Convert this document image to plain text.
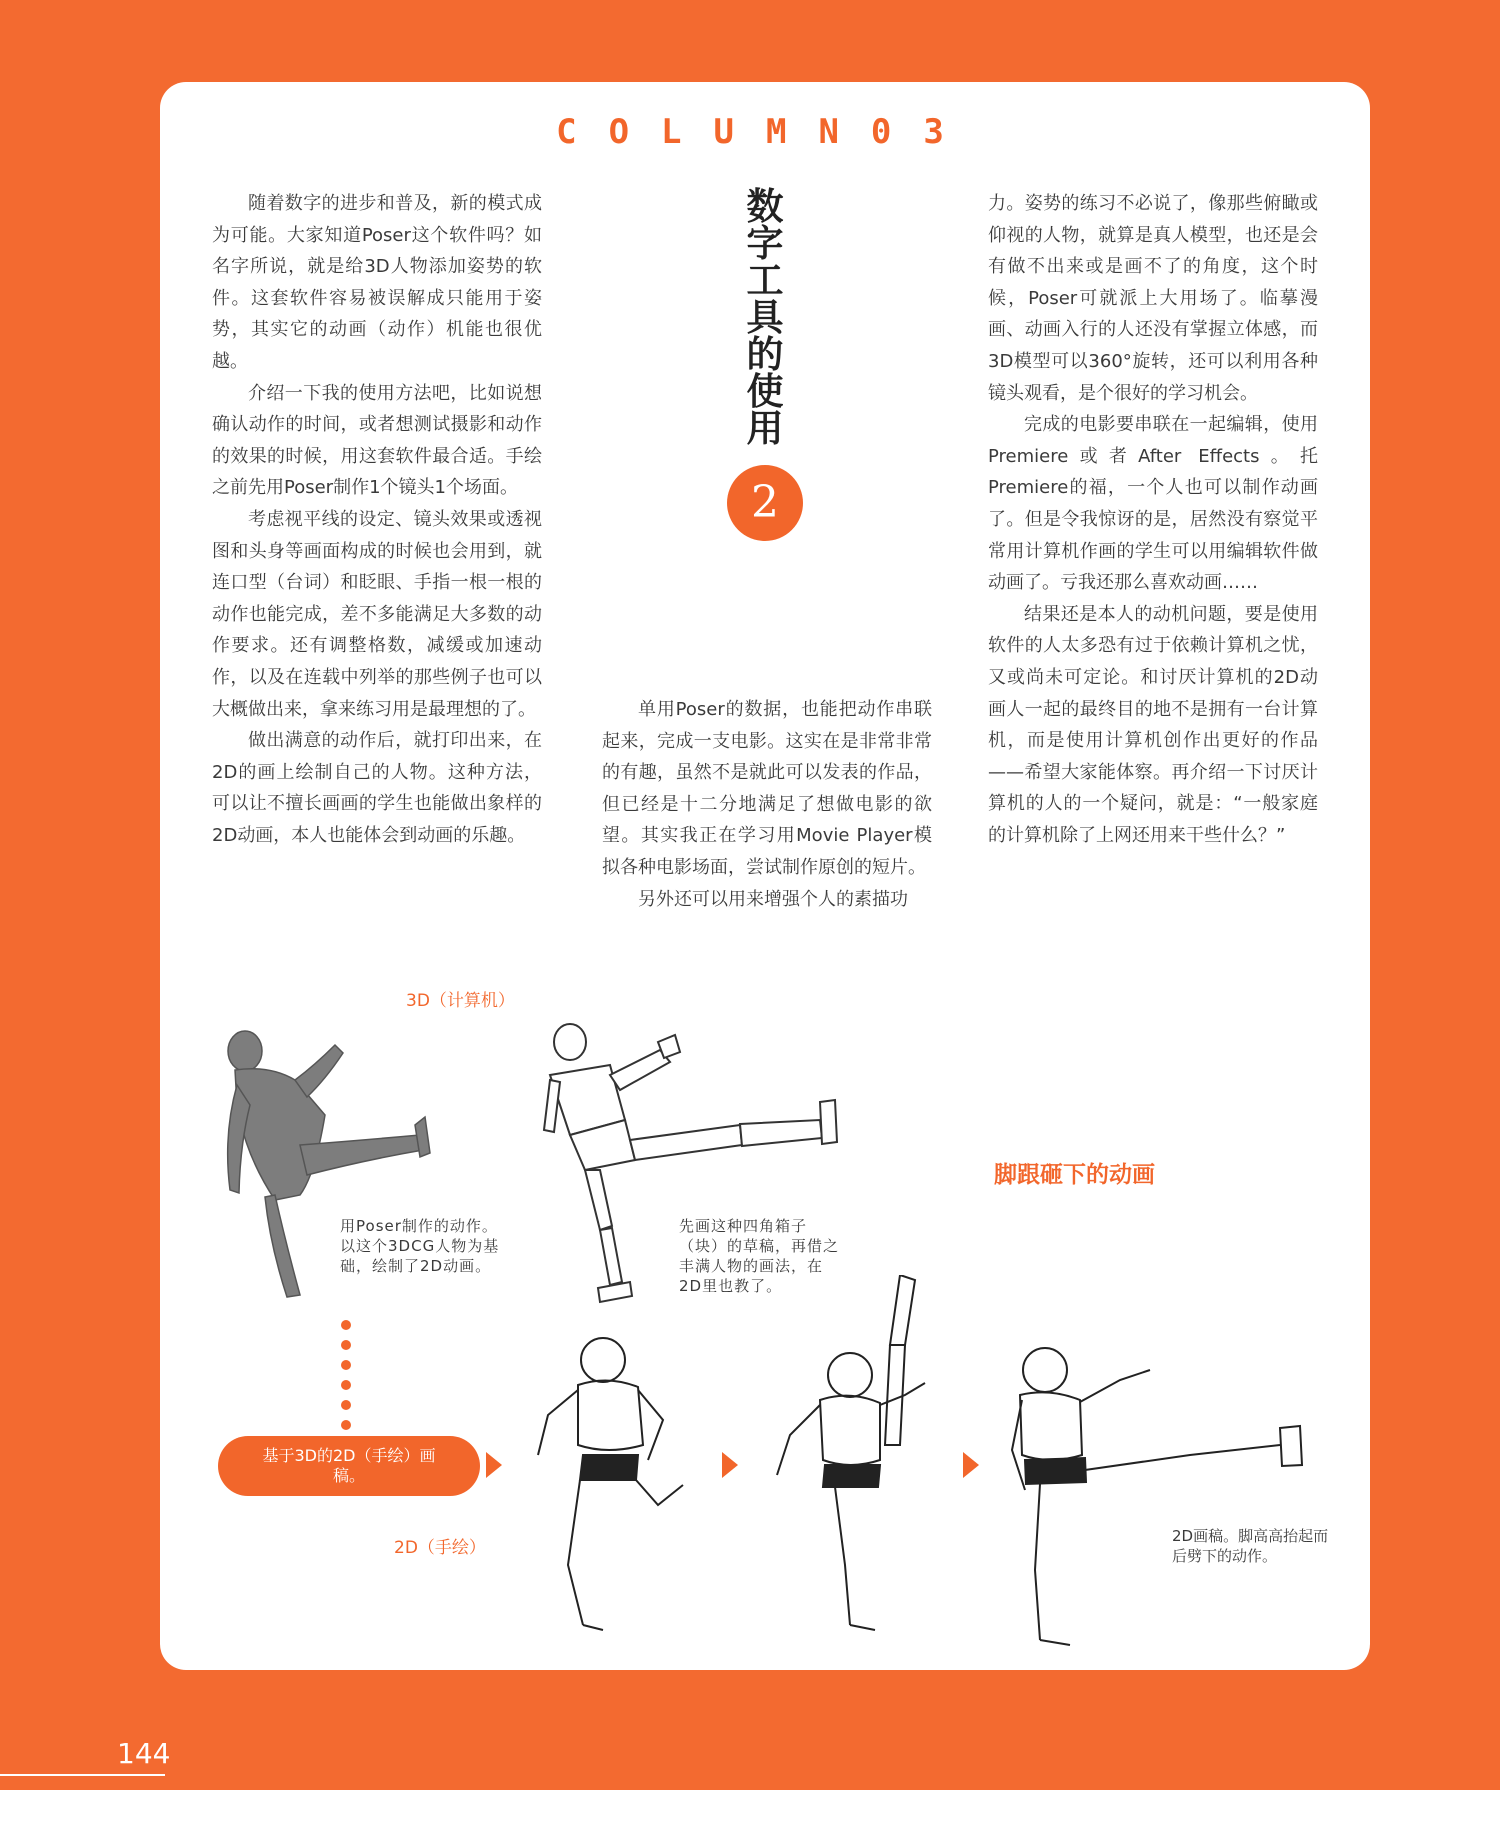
COLUMN03

随着数字的进步和普及，新的模式成为可能。大家知道Poser这个软件吗？如名字所说，就是给3D人物添加姿势的软件。这套软件容易被误解成只能用于姿势，其实它的动画（动作）机能也很优越。

介绍一下我的使用方法吧，比如说想确认动作的时间，或者想测试摄影和动作的效果的时候，用这套软件最合适。手绘之前先用Poser制作1个镜头1个场面。

考虑视平线的设定、镜头效果或透视图和头身等画面构成的时候也会用到，就连口型（台词）和眨眼、手指一根一根的动作也能完成，差不多能满足大多数的动作要求。还有调整格数，减缓或加速动作，以及在连载中列举的那些例子也可以大概做出来，拿来练习用是最理想的了。

做出满意的动作后，就打印出来，在2D的画上绘制自己的人物。这种方法，可以让不擅长画画的学生也能做出象样的2D动画，本人也能体会到动画的乐趣。

数
字
工
具
的
使
用
2

单用Poser的数据，也能把动作串联起来，完成一支电影。这实在是非常非常的有趣，虽然不是就此可以发表的作品，但已经是十二分地满足了想做电影的欲望。其实我正在学习用Movie Player模拟各种电影场面，尝试制作原创的短片。

另外还可以用来增强个人的素描功

力。姿势的练习不必说了，像那些俯瞰或仰视的人物，就算是真人模型，也还是会有做不出来或是画不了的角度，这个时候，Poser可就派上大用场了。临摹漫画、动画入行的人还没有掌握立体感，而3D模型可以360°旋转，还可以利用各种镜头观看，是个很好的学习机会。

完成的电影要串联在一起编辑，使用Premiere或者After Effects。托Premiere的福，一个人也可以制作动画了。但是令我惊讶的是，居然没有察觉平常用计算机作画的学生可以用编辑软件做动画了。亏我还那么喜欢动画……

结果还是本人的动机问题，要是使用软件的人太多恐有过于依赖计算机之忧，又或尚未可定论。和讨厌计算机的2D动画人一起的最终目的地不是拥有一台计算机，而是使用计算机创作出更好的作品——希望大家能体察。再介绍一下讨厌计算机的人的一个疑问，就是：“一般家庭的计算机除了上网还用来干些什么？”

3D（计算机）
脚跟砸下的动画
用Poser制作的动作。以这个3DCG人物为基础，绘制了2D动画。
先画这种四角箱子（块）的草稿，再借之丰满人物的画法，在2D里也教了。
基于3D的2D（手绘）画稿。
2D（手绘）
2D画稿。脚高高抬起而后劈下的动作。
144
